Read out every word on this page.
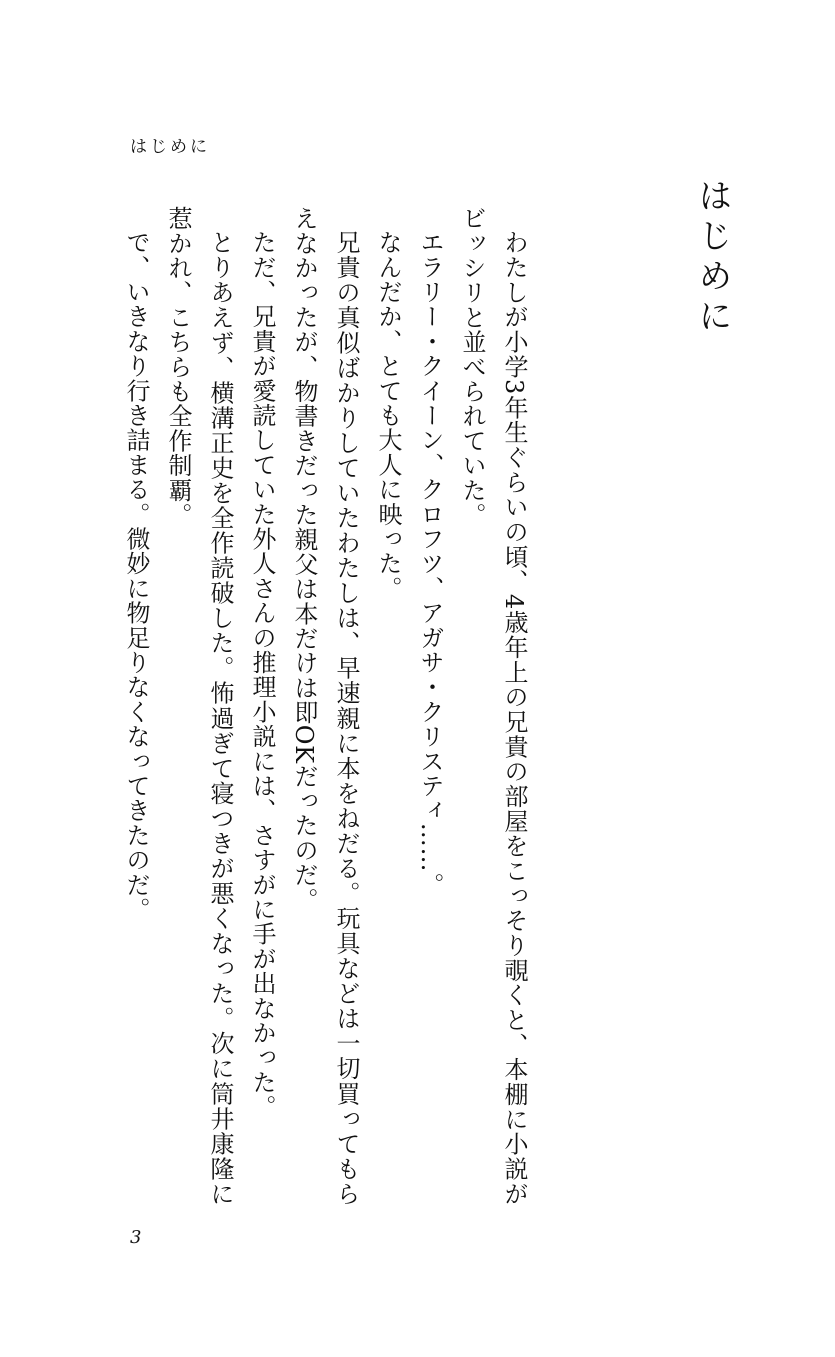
はじめに
はじめに

わたしが小学3年生ぐらいの頃、4歳年上の兄貴の部屋をこっそり覗くと、本棚に小説がビッシリと並べられていた。

エラリー・クイーン、クロフツ、アガサ・クリスティ……。

なんだか、とても大人に映った。

兄貴の真似ばかりしていたわたしは、早速親に本をねだる。玩具などは一切買ってもらえなかったが、物書きだった親父は本だけは即OKだったのだ。

ただ、兄貴が愛読していた外人さんの推理小説には、さすがに手が出なかった。

とりあえず、横溝正史を全作読破した。怖過ぎて寝つきが悪くなった。次に筒井康隆に惹かれ、こちらも全作制覇。

で、いきなり行き詰まる。微妙に物足りなくなってきたのだ。

3
